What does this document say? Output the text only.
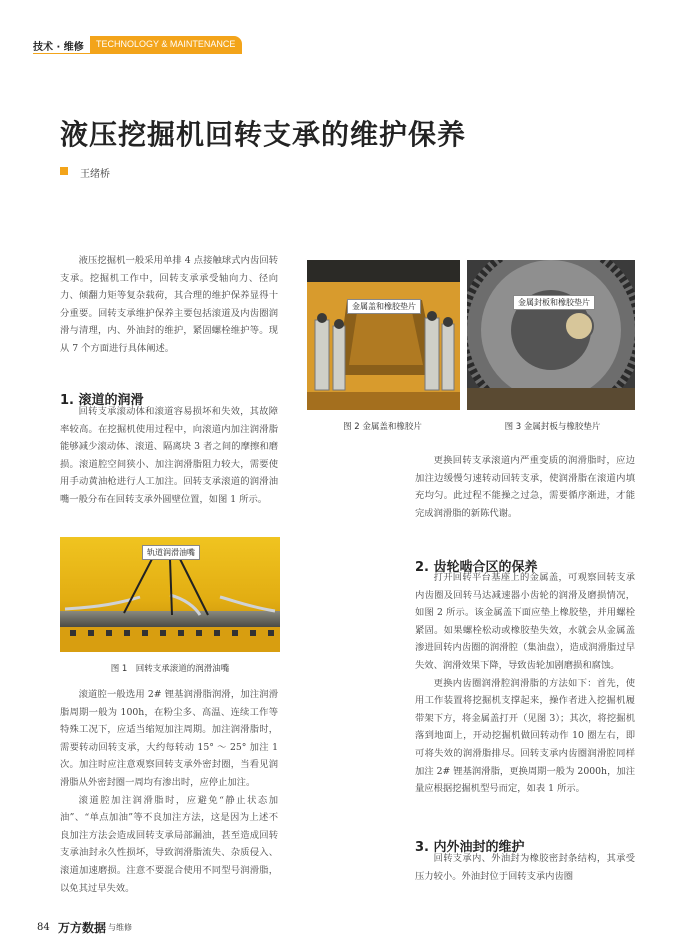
技术 · 维修	TECHNOLOGY & MAINTENANCE
液压挖掘机回转支承的维护保养
王绪桥

液压挖掘机一般采用单排 4 点接触球式内齿回转支承。挖掘机工作中，回转支承承受轴向力、径向力、倾翻力矩等复杂载荷，其合理的维护保养显得十分重要。回转支承维护保养主要包括滚道及内齿圈润滑与清理，内、外油封的维护，紧固螺栓维护等。现从 7 个方面进行具体阐述。

1. 滚道的润滑

回转支承滚动体和滚道容易损坏和失效，其故障率较高。在挖掘机使用过程中，向滚道内加注润滑脂能够减少滚动体、滚道、隔离块 3 者之间的摩擦和磨损。滚道腔空间狭小、加注润滑脂阻力较大，需要使用手动黄油枪进行人工加注。回转支承滚道的润滑油嘴一般分布在回转支承外圆壁位置，如图 1 所示。

轨道润滑油嘴
图 1　回转支承滚道的润滑油嘴

滚道腔一般选用 2# 锂基润滑脂润滑，加注润滑脂周期一般为 100h，在粉尘多、高温、连续工作等特殊工况下，应适当缩短加注周期。加注润滑脂时，需要转动回转支承，大约每转动 15° ～ 25° 加注 1 次。加注时应注意观察回转支承外密封圈，当看见润滑脂从外密封圈一周均有渗出时，应停止加注。

滚道腔加注润滑脂时，应避免“静止状态加油”、“单点加油”等不良加注方法，这是因为上述不良加注方法会造成回转支承局部漏油，甚至造成回转支承油封永久性损坏，导致润滑脂流失、杂质侵入、滚道加速磨损。注意不要混合使用不同型号润滑脂，以免其过早失效。

金属盖和橡胶垫片
图 2 金属盖和橡胶片
金属封板和橡胶垫片
图 3 金属封板与橡胶垫片

更换回转支承滚道内严重变质的润滑脂时，应边加注边缓慢匀速转动回转支承，使润滑脂在滚道内填充均匀。此过程不能操之过急，需要循序渐进，才能完成润滑脂的新陈代谢。

2. 齿轮啮合区的保养

打开回转平台基座上的金属盖，可观察回转支承内齿圈及回转马达减速器小齿轮的润滑及磨损情况，如图 2 所示。该金属盖下面应垫上橡胶垫，并用螺栓紧固。如果螺栓松动或橡胶垫失效，水就会从金属盖渗进回转内齿圈的润滑腔（集油盘），造成润滑脂过早失效、润滑效果下降，导致齿轮加剧磨损和腐蚀。

更换内齿圈润滑腔润滑脂的方法如下：首先，使用工作装置将挖掘机支撑起来，操作者进入挖掘机履带架下方，将金属盖打开（见图 3）；其次，将挖掘机落到地面上，开动挖掘机做回转动作 10 圈左右，即可将失效的润滑脂排尽。回转支承内齿圈润滑腔同样加注 2# 锂基润滑脂，更换周期一般为 2000h，加注量应根据挖掘机型号而定，如表 1 所示。

3. 内外油封的维护

回转支承内、外油封为橡胶密封条结构，其承受压力较小。外油封位于回转支承内齿圈

84 万方数据 与维修
